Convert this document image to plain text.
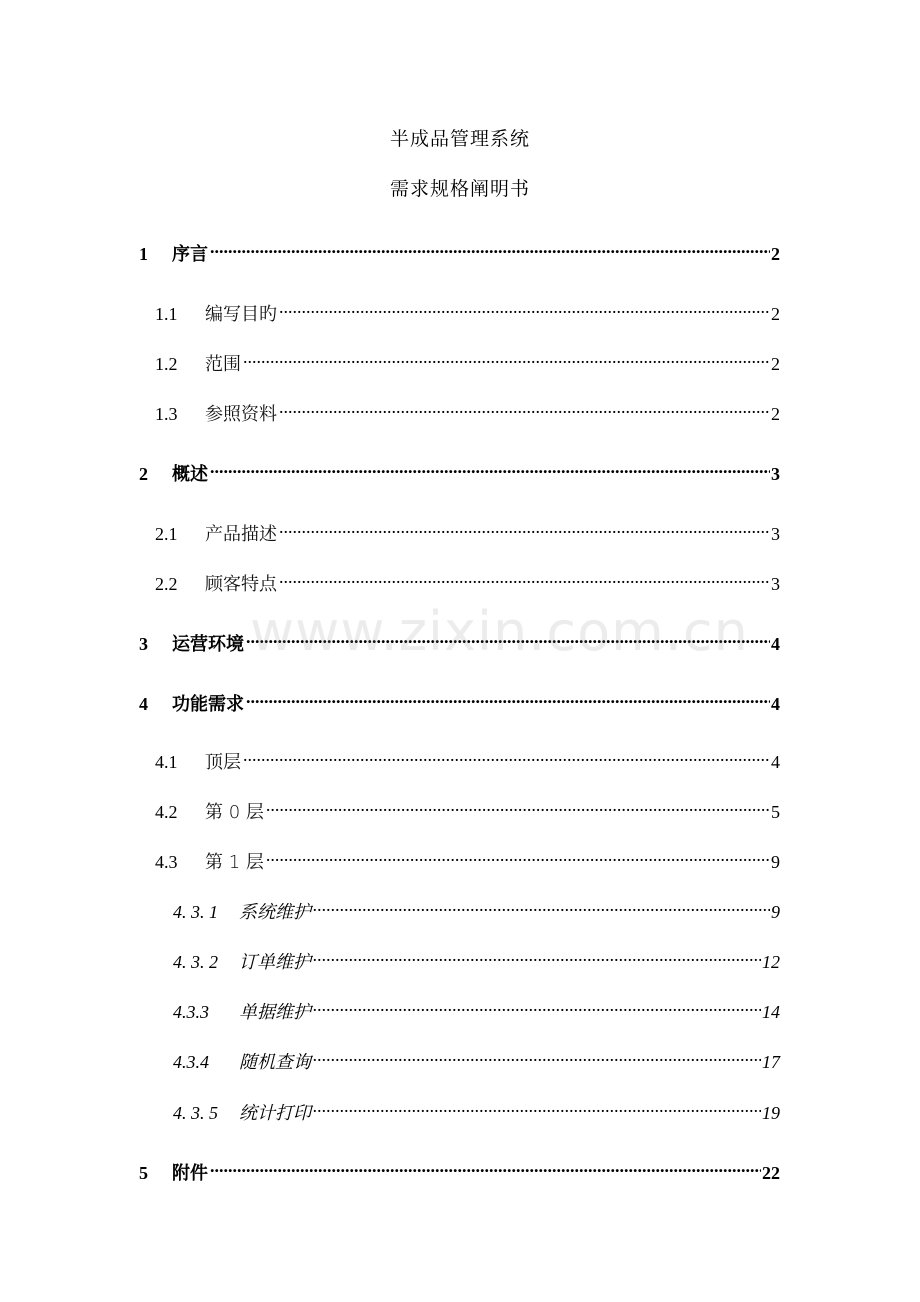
半成品管理系统
需求规格阐明书
1	序言 .....	2
1.1	编写目旳 .....	2
1.2	范围 .....	2
1.3	参照资料 .....	2
2	概述 .....	3
2.1	产品描述 .....	3
2.2	顾客特点 .....	3
3	运营环境 .....	4
4	功能需求 .....	4
4.1	顶层 .....	4
4.2	第 0 层 .....	5
4.3	第 1 层 .....	9
4. 3. 1	系统维护 .....	9
4. 3. 2	订单维护 .....	12
4.3.3	单据维护 .....	14
4.3.4	随机查询 .....	17
4. 3. 5	统计打印 .....	19
5	附件 .....	22
www.zixin.com.cn
